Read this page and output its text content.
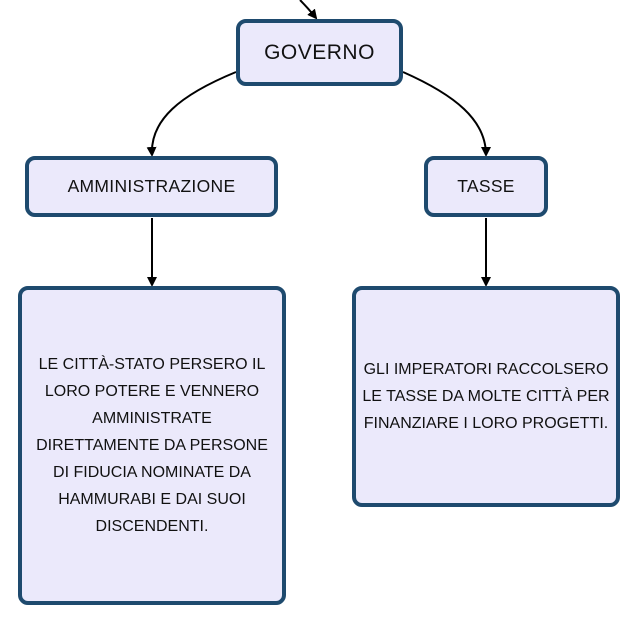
GOVERNO
AMMINISTRAZIONE	TASSE
LE CITTÀ-STATO PERSERO IL LORO POTERE E VENNERO AMMINISTRATE DIRETTAMENTE DA PERSONE DI FIDUCIA NOMINATE DA HAMMURABI E DAI SUOI DISCENDENTI.
GLI IMPERATORI RACCOLSERO LE TASSE DA MOLTE CITTÀ PER FINANZIARE I LORO PROGETTI.
